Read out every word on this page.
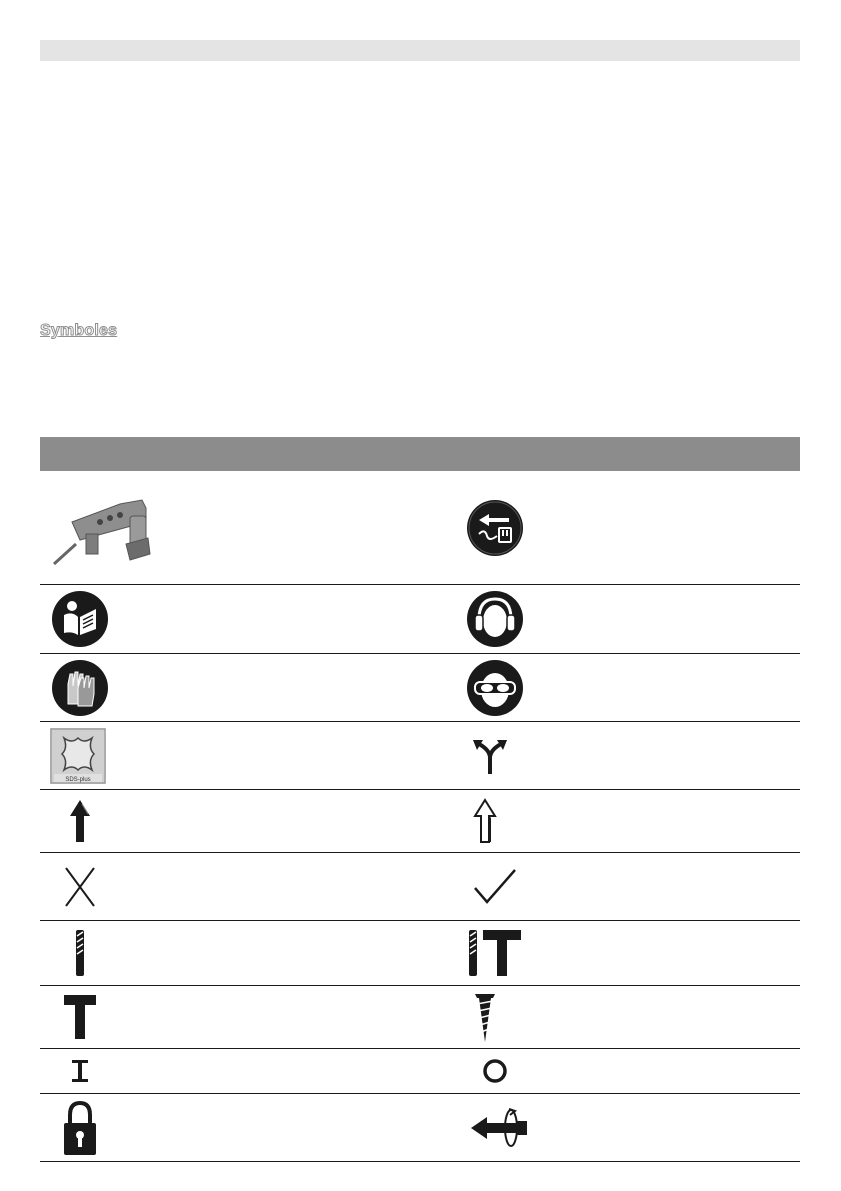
Symboles
SDS-plus
